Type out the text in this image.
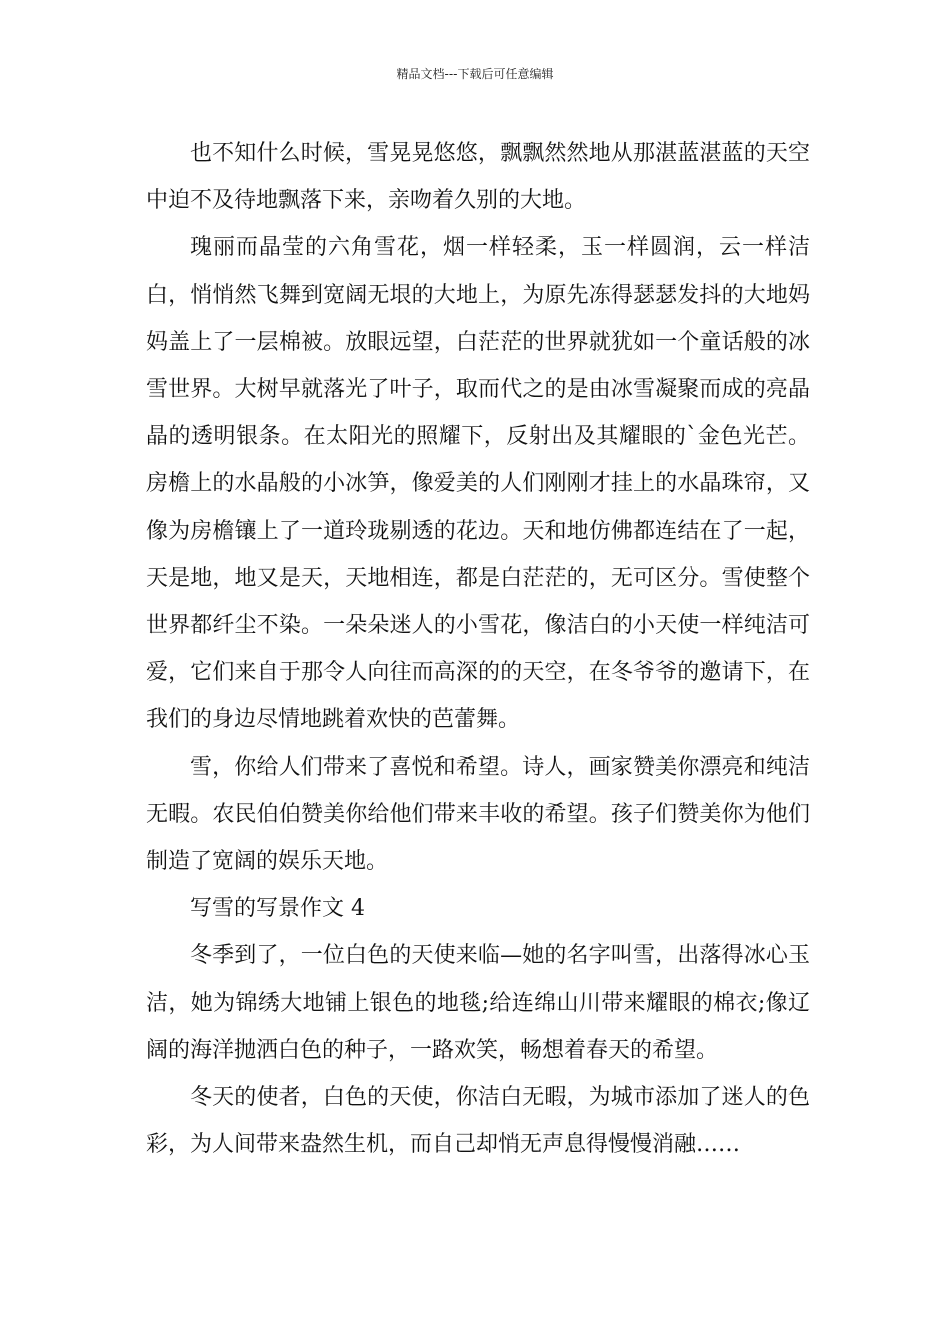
精品文档---下载后可任意编辑

也不知什么时候，雪晃晃悠悠，飘飘然然地从那湛蓝湛蓝的天空中迫不及待地飘落下来，亲吻着久别的大地。

瑰丽而晶莹的六角雪花，烟一样轻柔，玉一样圆润，云一样洁白，悄悄然飞舞到宽阔无垠的大地上，为原先冻得瑟瑟发抖的大地妈妈盖上了一层棉被。放眼远望，白茫茫的世界就犹如一个童话般的冰雪世界。大树早就落光了叶子，取而代之的是由冰雪凝聚而成的亮晶晶的透明银条。在太阳光的照耀下，反射出及其耀眼的`金色光芒。房檐上的水晶般的小冰笋，像爱美的人们刚刚才挂上的水晶珠帘，又像为房檐镶上了一道玲珑剔透的花边。天和地仿佛都连结在了一起，天是地，地又是天，天地相连，都是白茫茫的，无可区分。雪使整个世界都纤尘不染。一朵朵迷人的小雪花，像洁白的小天使一样纯洁可爱，它们来自于那令人向往而高深的的天空，在冬爷爷的邀请下，在我们的身边尽情地跳着欢快的芭蕾舞。

雪，你给人们带来了喜悦和希望。诗人，画家赞美你漂亮和纯洁无暇。农民伯伯赞美你给他们带来丰收的希望。孩子们赞美你为他们制造了宽阔的娱乐天地。

写雪的写景作文 4

冬季到了，一位白色的天使来临—她的名字叫雪，出落得冰心玉洁，她为锦绣大地铺上银色的地毯;给连绵山川带来耀眼的棉衣;像辽阔的海洋抛洒白色的种子，一路欢笑，畅想着春天的希望。

冬天的使者，白色的天使，你洁白无暇，为城市添加了迷人的色彩，为人间带来盎然生机，而自己却悄无声息得慢慢消融……
